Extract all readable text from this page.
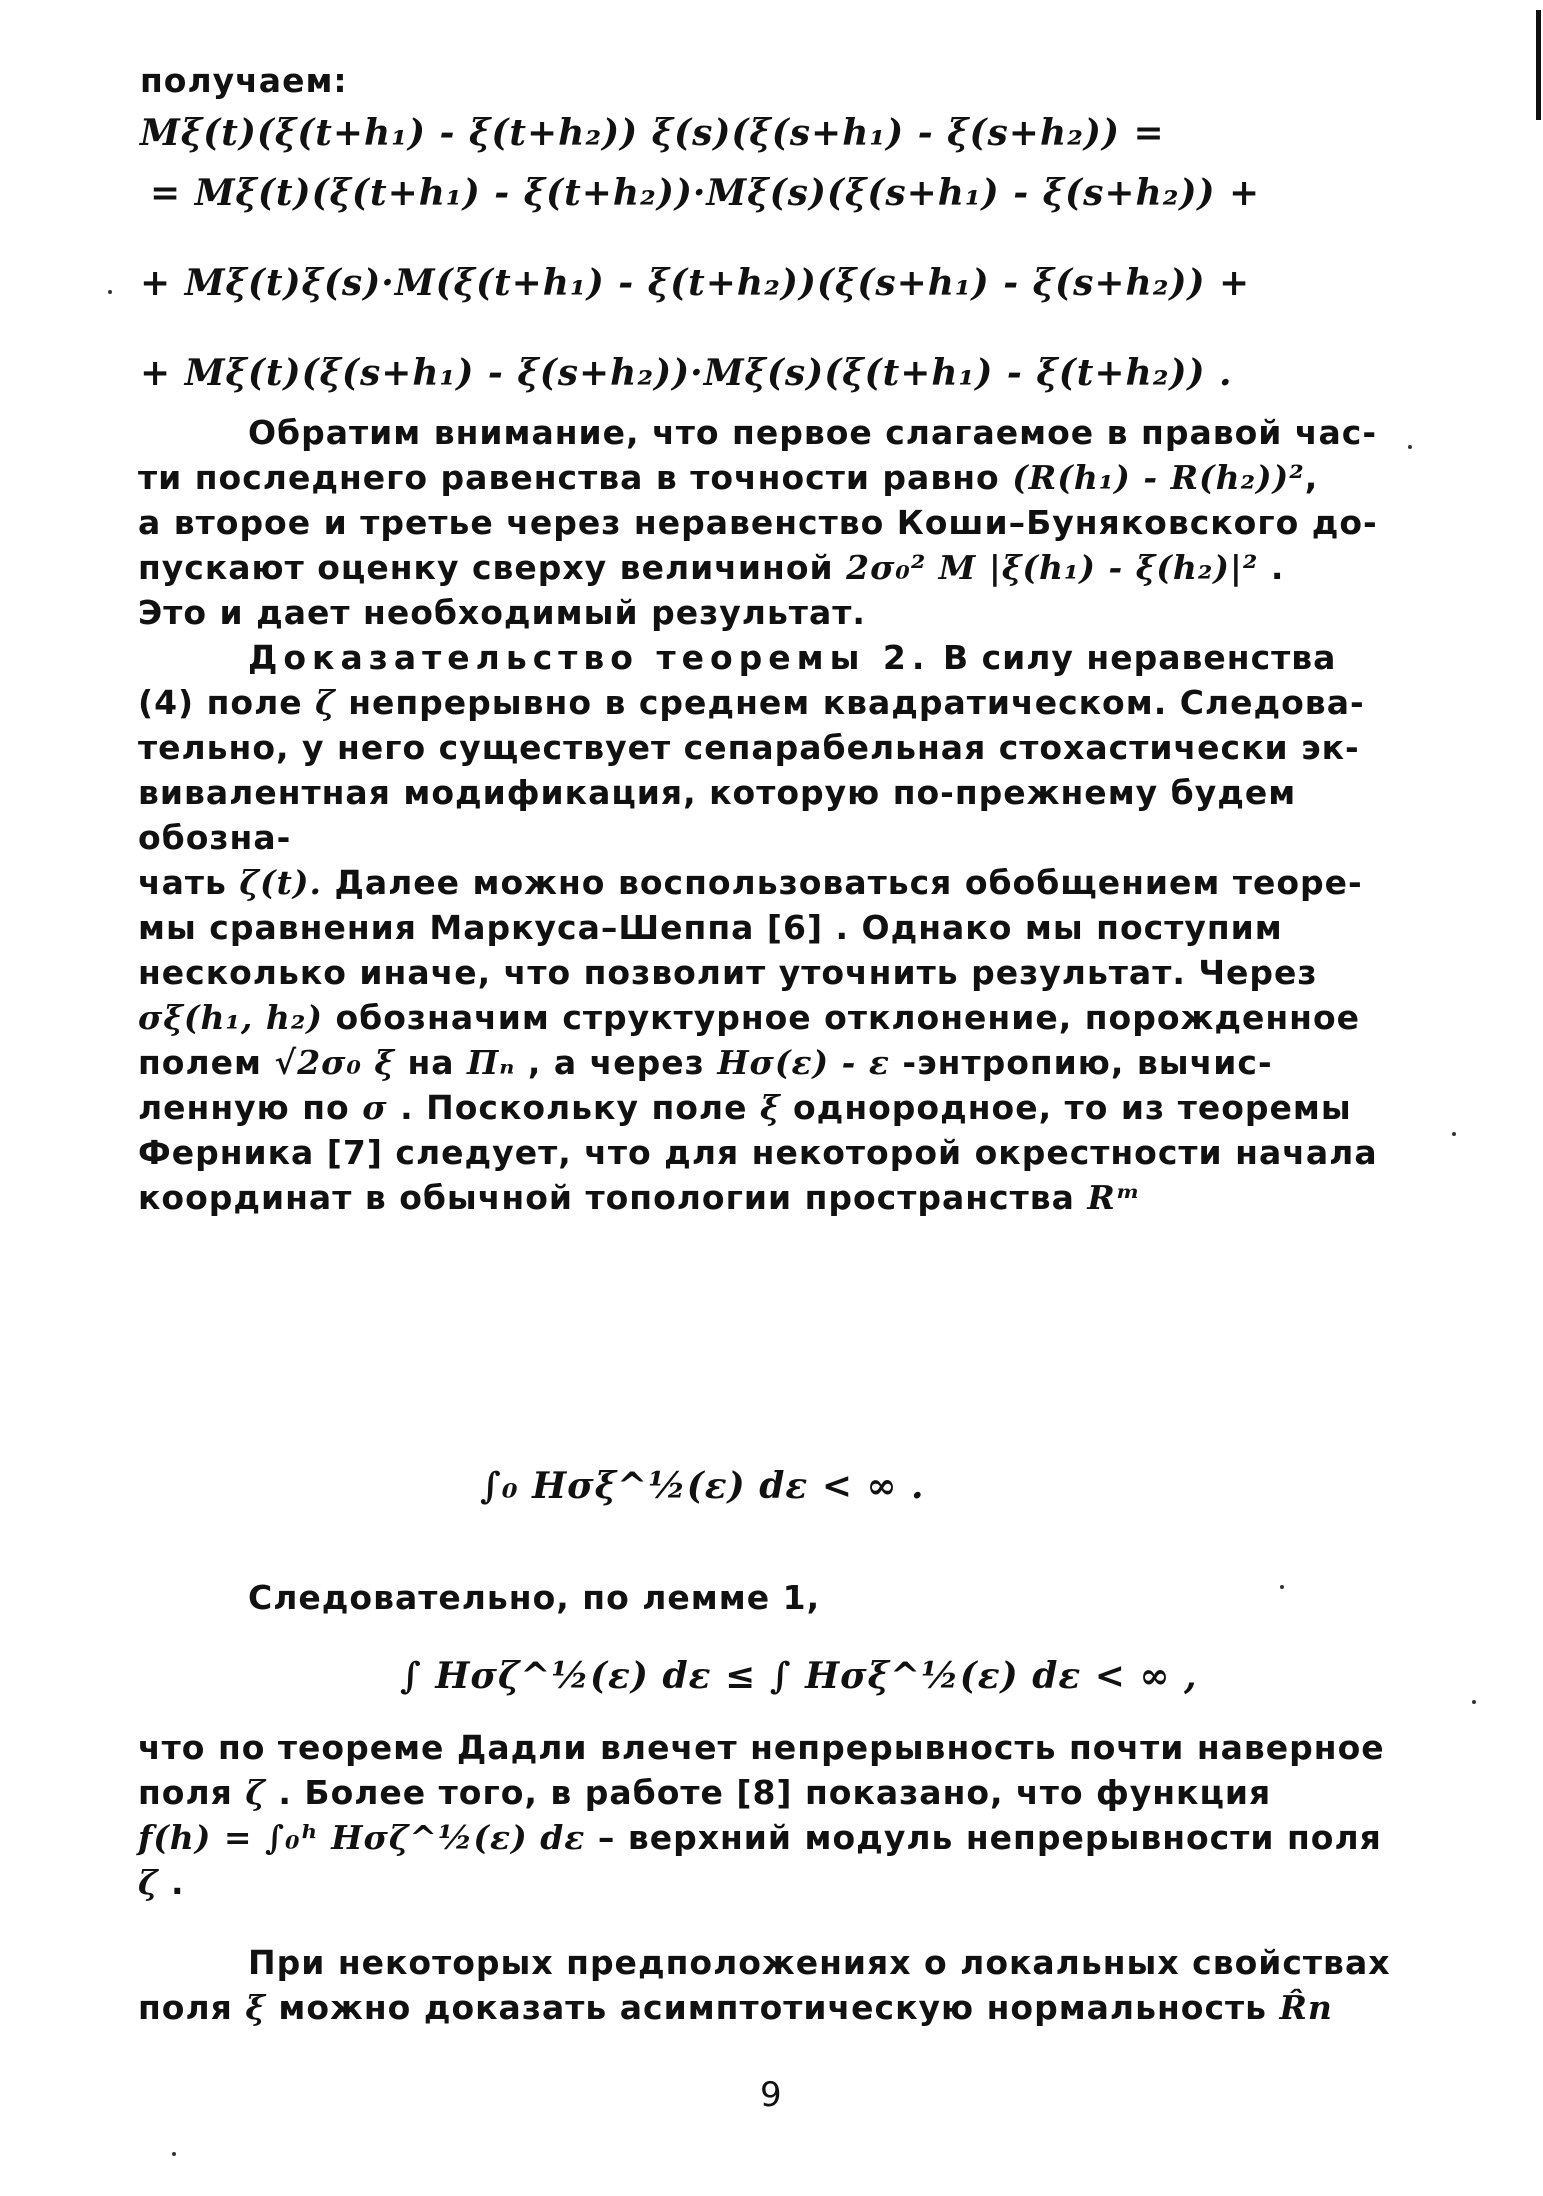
получаем:
Mξ(t)(ξ(t+h₁) - ξ(t+h₂)) ξ(s)(ξ(s+h₁) - ξ(s+h₂)) =
= Mξ(t)(ξ(t+h₁) - ξ(t+h₂))·Mξ(s)(ξ(s+h₁) - ξ(s+h₂)) +
+ Mξ(t)ξ(s)·M(ξ(t+h₁) - ξ(t+h₂))(ξ(s+h₁) - ξ(s+h₂)) +
+ Mξ(t)(ξ(s+h₁) - ξ(s+h₂))·Mξ(s)(ξ(t+h₁) - ξ(t+h₂)) .
Обратим внимание, что первое слагаемое в правой час-
ти последнего равенства в точности равно (R(h₁) - R(h₂))²,
а второе и третье через неравенство Коши–Буняковского до-
пускают оценку сверху величиной 2σ₀² M |ξ(h₁) - ξ(h₂)|² .
Это и дает необходимый результат.
Доказательство теоремы 2. В силу неравенства
(4) поле ζ непрерывно в среднем квадратическом. Следова-
тельно, у него существует сепарабельная стохастически эк-
вивалентная модификация, которую по-прежнему будем обозна-
чать ζ(t). Далее можно воспользоваться обобщением теоре-
мы сравнения Маркуса–Шеппа [6] . Однако мы поступим
несколько иначе, что позволит уточнить результат. Через
σξ(h₁, h₂) обозначим структурное отклонение, порожденное
полем √2σ₀ ξ на Πₙ , а через Hσ(ε) - ε -энтропию, вычис-
ленную по σ . Поскольку поле ξ однородное, то из теоремы
Ферника [7] следует, что для некоторой окрестности начала
координат в обычной топологии пространства Rᵐ
∫₀ Hσξ^½(ε) dε < ∞ .
Следовательно, по лемме 1,
∫ Hσζ^½(ε) dε ≤ ∫ Hσξ^½(ε) dε < ∞ ,
что по теореме Дадли влечет непрерывность почти наверное
поля ζ . Более того, в работе [8] показано, что функция
f(h) = ∫₀ʰ Hσζ^½(ε) dε – верхний модуль непрерывности поля
ζ .
При некоторых предположениях о локальных свойствах
поля ξ можно доказать асимптотическую нормальность R̂n
9
